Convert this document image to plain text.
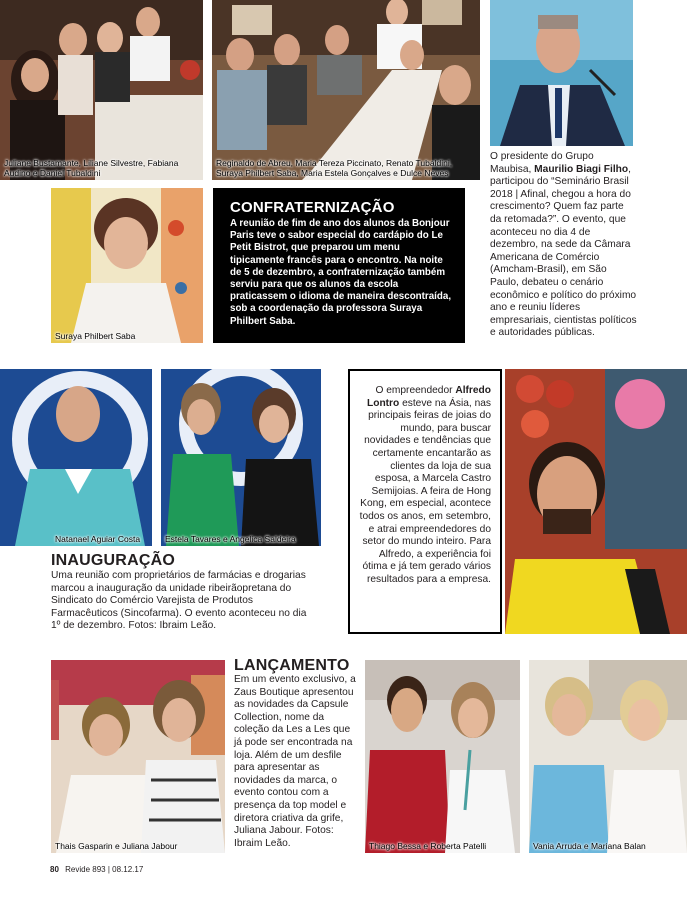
Juliane Bustamante, Liliane Silvestre, Fabiana Audino e Daniel Tubaldini
Reginaldo de Abreu, Maria Tereza Piccinato, Renato Tubaldini, Suraya Philbert Saba, Maria Estela Gonçalves e Dulce Neves
O presidente do Grupo Maubisa, Maurilio Biagi Filho, participou do “Seminário Brasil 2018 | Afinal, chegou a hora do crescimento? Quem faz parte da retomada?”. O evento, que aconteceu no dia 4 de dezembro, na sede da Câmara Americana de Comércio (Amcham-Brasil), em São Paulo, debateu o cenário econômico e político do próximo ano e reuniu líderes empresariais, cientistas políticos e autoridades públicas.
Suraya Philbert Saba
CONFRATERNIZAÇÃO
A reunião de fim de ano dos alunos da Bonjour Paris teve o sabor especial do cardápio do Le Petit Bistrot, que preparou um menu tipicamente francês para o encontro. Na noite de 5 de dezembro, a confraternização também serviu para que os alunos da escola praticassem o idioma de maneira descontraída, sob a coordenação da professora Suraya Philbert Saba.
Natanael Aguiar Costa	Estela Tavares e Angelica Saldeira
INAUGURAÇÃO
Uma reunião com proprietários de farmácias e drogarias marcou a inauguração da unidade ribeirãopretana do Sindicato do Comércio Varejista de Produtos Farmacêuticos (Sincofarma). O evento aconteceu no dia 1º de dezembro. Fotos: Ibraim Leão.
O empreendedor Alfredo Lontro esteve na Ásia, nas principais feiras de joias do mundo, para buscar novidades e tendências que certamente encantarão as clientes da loja de sua esposa, a Marcela Castro Semijoias. A feira de Hong Kong, em especial, acontece todos os anos, em setembro, e atrai empreendedores do setor do mundo inteiro. Para Alfredo, a experiência foi ótima e já tem gerado vários resultados para a empresa.
Thais Gasparin e Juliana Jabour
LANÇAMENTO
Em um evento exclusivo, a Zaus Boutique apresentou as novidades da Capsule Collection, nome da coleção da Les a Les que já pode ser encontrada na loja. Além de um desfile para apresentar as novidades da marca, o evento contou com a presença da top model e diretora criativa da grife, Juliana Jabour. Fotos: Ibraim Leão.	Thiago Bessa e Roberta Patelli	Vania Arruda e Mariana Balan
80 Revide 893 | 08.12.17
